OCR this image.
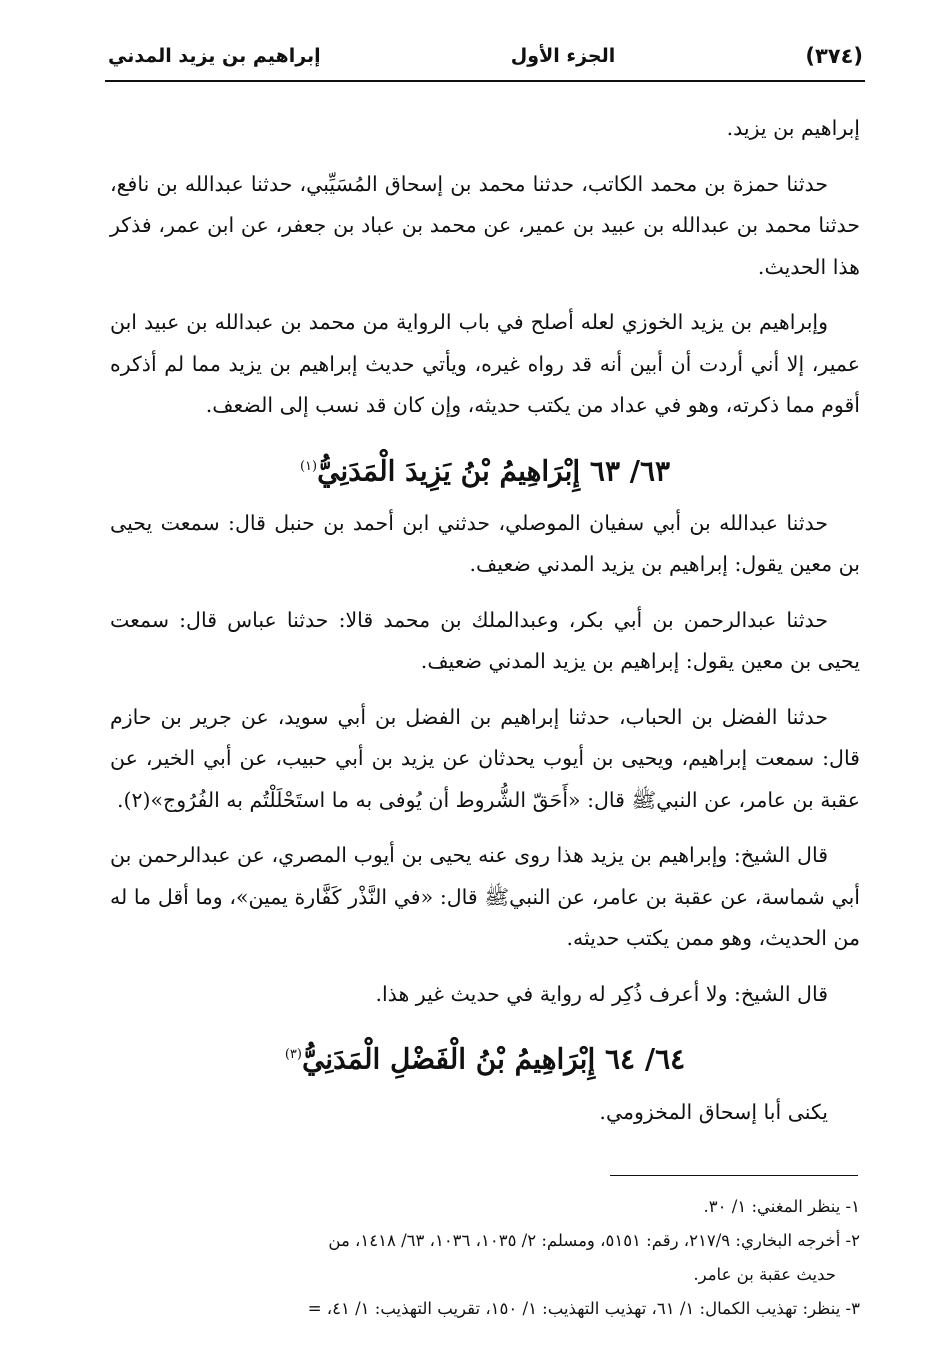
(٣٧٤)
الجزء الأول
إبراهيم بن يزيد المدني

إبراهيم بن يزيد.

حدثنا حمزة بن محمد الكاتب، حدثنا محمد بن إسحاق المُسَيِّبي، حدثنا عبدالله بن نافع، حدثنا محمد بن عبدالله بن عبيد بن عمير، عن محمد بن عباد بن جعفر، عن ابن عمر، فذكر هذا الحديث.

وإبراهيم بن يزيد الخوزي لعله أصلح في باب الرواية من محمد بن عبدالله بن عبيد ابن عمير، إلا أني أردت أن أبين أنه قد رواه غيره، ويأتي حديث إبراهيم بن يزيد مما لم أذكره أقوم مما ذكرته، وهو في عداد من يكتب حديثه، وإن كان قد نسب إلى الضعف.

٦٣/ ٦٣ إِبْرَاهِيمُ بْنُ يَزِيدَ الْمَدَنِيُّ$^{(١)}$

حدثنا عبدالله بن أبي سفيان الموصلي، حدثني ابن أحمد بن حنبل قال: سمعت يحيى بن معين يقول: إبراهيم بن يزيد المدني ضعيف.

حدثنا عبدالرحمن بن أبي بكر، وعبدالملك بن محمد قالا: حدثنا عباس قال: سمعت يحيى بن معين يقول: إبراهيم بن يزيد المدني ضعيف.

حدثنا الفضل بن الحباب، حدثنا إبراهيم بن الفضل بن أبي سويد، عن جرير بن حازم قال: سمعت إبراهيم، ويحيى بن أيوب يحدثان عن يزيد بن أبي حبيب، عن أبي الخير، عن عقبة بن عامر، عن النبيﷺ قال: «أَحَقّ الشُّروط أن يُوفى به ما استَحْلَلْتُم به الفُرُوج»(٢).

قال الشيخ: وإبراهيم بن يزيد هذا روى عنه يحيى بن أيوب المصري، عن عبدالرحمن بن أبي شماسة، عن عقبة بن عامر، عن النبيﷺ قال: «في النَّذْر كَفَّارة يمين»، وما أقل ما له من الحديث، وهو ممن يكتب حديثه.

قال الشيخ: ولا أعرف ذُكِر له رواية في حديث غير هذا.

٦٤/ ٦٤ إِبْرَاهِيمُ بْنُ الْفَضْلِ الْمَدَنِيُّ$^{(٣)}$

يكنى أبا إسحاق المخزومي.

١- ينظر المغني: ١/ ٣٠.

٢- أخرجه البخاري: ٢١٧/٩، رقم: ٥١٥١، ومسلم: ٢/ ١٠٣٥، ١٠٣٦، ٦٣/ ١٤١٨، من

حديث عقبة بن عامر.

٣- ينظر: تهذيب الكمال: ١/ ٦١، تهذيب التهذيب: ١/ ١٥٠، تقريب التهذيب: ١/ ٤١، =
